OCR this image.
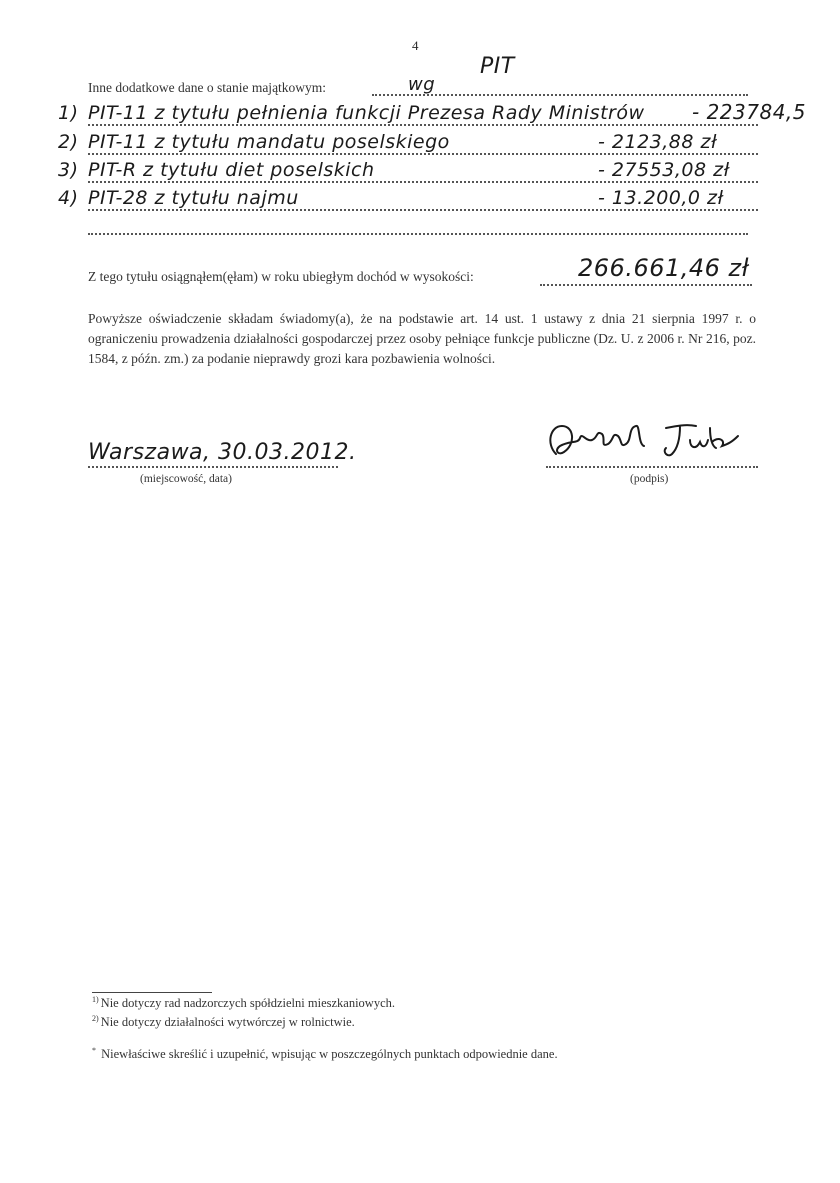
4
Inne dodatkowe dane o stanie majątkowym:	wg
PIT
1) PIT-11 z tytułu pełnienia funkcji Prezesa Rady Ministrów - 223784,5
2) PIT-11 z tytułu mandatu poselskiego	- 2123,88 zł
3) PIT-R z tytułu diet poselskich	- 27553,08 zł
4) PIT-28 z tytułu najmu	- 13.200,0 zł
Z tego tytułu osiągnąłem(ęłam) w roku ubiegłym dochód w wysokości:	266.661,46 zł
Powyższe oświadczenie składam świadomy(a), że na podstawie art. 14 ust. 1 ustawy z dnia 21 sierpnia 1997 r. o ograniczeniu prowadzenia działalności gospodarczej przez osoby pełniące funkcje publiczne (Dz. U. z 2006 r. Nr 216, poz. 1584, z późn. zm.) za podanie nieprawdy grozi kara pozbawienia wolności.
Warszawa, 30.03.2012.
(miejscowość, data)	(podpis)
$^{1)}$ Nie dotyczy rad nadzorczych spółdzielni mieszkaniowych.
$^{2)}$ Nie dotyczy działalności wytwórczej w rolnictwie.
* Niewłaściwe skreślić i uzupełnić, wpisując w poszczególnych punktach odpowiednie dane.
